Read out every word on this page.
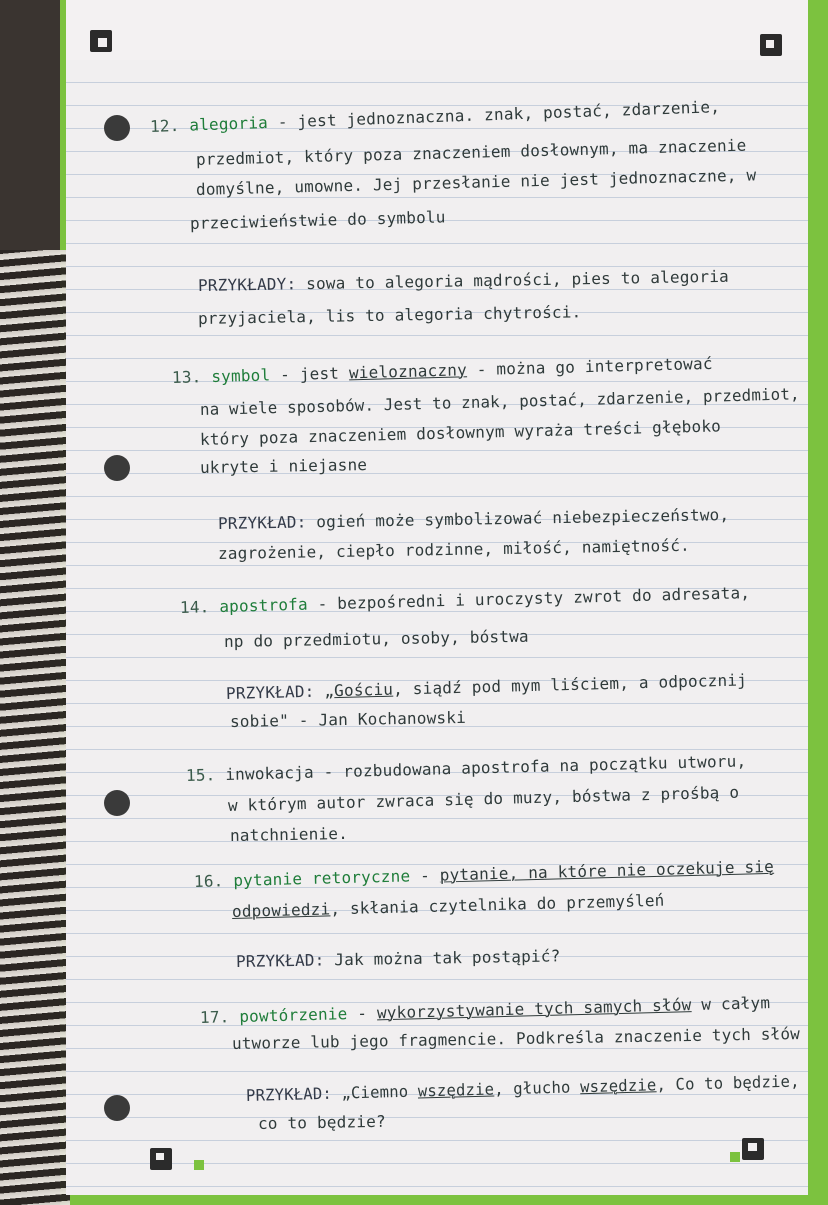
12. alegoria - jest jednoznaczna. znak, postać, zdarzenie,
przedmiot, który poza znaczeniem dosłownym, ma znaczenie
domyślne, umowne. Jej przesłanie nie jest jednoznaczne, w
przeciwieństwie do symbolu
PRZYKŁADY: sowa to alegoria mądrości, pies to alegoria
przyjaciela, lis to alegoria chytrości.
13. symbol - jest wieloznaczny - można go interpretować
na wiele sposobów. Jest to znak, postać, zdarzenie, przedmiot,
który poza znaczeniem dosłownym wyraża treści głęboko
ukryte i niejasne
PRZYKŁAD: ogień może symbolizować niebezpieczeństwo,
zagrożenie, ciepło rodzinne, miłość, namiętność.
14. apostrofa - bezpośredni i uroczysty zwrot do adresata,
np do przedmiotu, osoby, bóstwa
PRZYKŁAD: „Gościu, siądź pod mym liściem, a odpocznij
sobie" - Jan Kochanowski
15. inwokacja - rozbudowana apostrofa na początku utworu,
w którym autor zwraca się do muzy, bóstwa z prośbą o
natchnienie.
16. pytanie retoryczne - pytanie, na które nie oczekuje się
odpowiedzi, skłania czytelnika do przemyśleń
PRZYKŁAD: Jak można tak postąpić?
17. powtórzenie - wykorzystywanie tych samych słów w całym
utworze lub jego fragmencie. Podkreśla znaczenie tych słów
PRZYKŁAD: „Ciemno wszędzie, głucho wszędzie, Co to będzie,
co to będzie?
